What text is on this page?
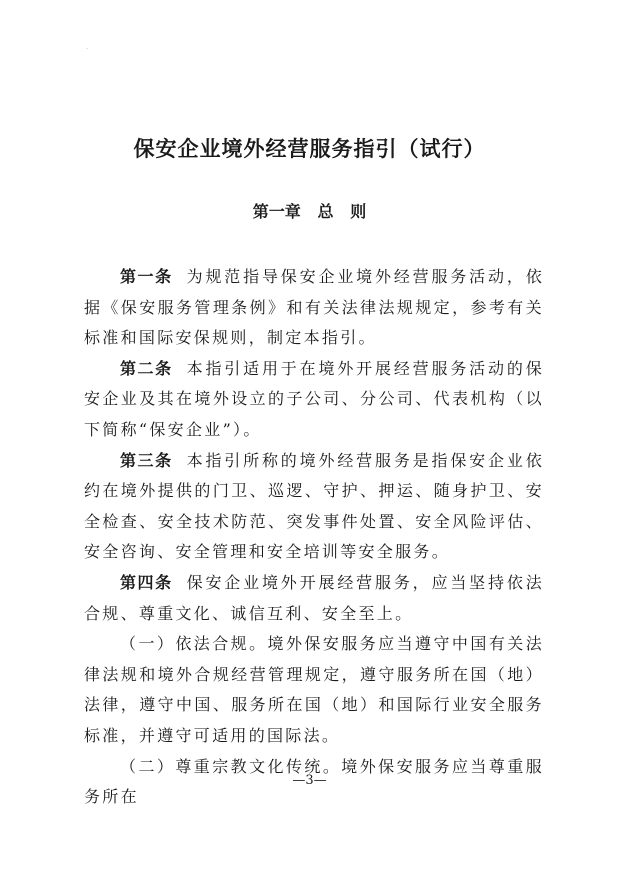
·
保安企业境外经营服务指引（试行）
第一章   总   则

第一条 为规范指导保安企业境外经营服务活动，依据《保安服务管理条例》和有关法律法规规定，参考有关标准和国际安保规则，制定本指引。

第二条 本指引适用于在境外开展经营服务活动的保安企业及其在境外设立的子公司、分公司、代表机构（以下简称“保安企业”）。

第三条 本指引所称的境外经营服务是指保安企业依约在境外提供的门卫、巡逻、守护、押运、随身护卫、安全检查、安全技术防范、突发事件处置、安全风险评估、安全咨询、安全管理和安全培训等安全服务。

第四条 保安企业境外开展经营服务，应当坚持依法合规、尊重文化、诚信互利、安全至上。

（一）依法合规。境外保安服务应当遵守中国有关法律法规和境外合规经营管理规定，遵守服务所在国（地）法律，遵守中国、服务所在国（地）和国际行业安全服务标准，并遵守可适用的国际法。

（二）尊重宗教文化传统。境外保安服务应当尊重服务所在

—3—
